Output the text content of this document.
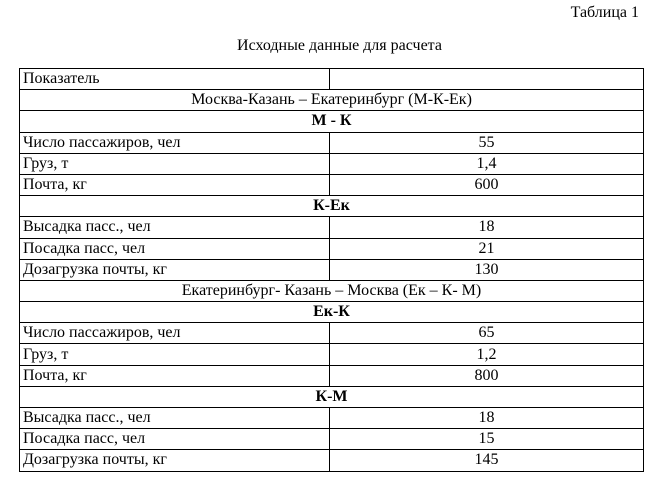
Таблица 1
Исходные данные для расчета
Показатель	
Москва-Казань – Екатеринбург (М-К-Ек)	
М - К	
Число пассажиров, чел	55
Груз, т	1,4
Почта, кг	600
К-Ек	
Высадка пасс., чел	18
Посадка пасс, чел	21
Дозагрузка почты, кг	130
Екатеринбург- Казань – Москва (Ек – К- М)	
Ек-К	
Число пассажиров, чел	65
Груз, т	1,2
Почта, кг	800
К-М	
Высадка пасс., чел	18
Посадка пасс, чел	15
Дозагрузка почты, кг	145
